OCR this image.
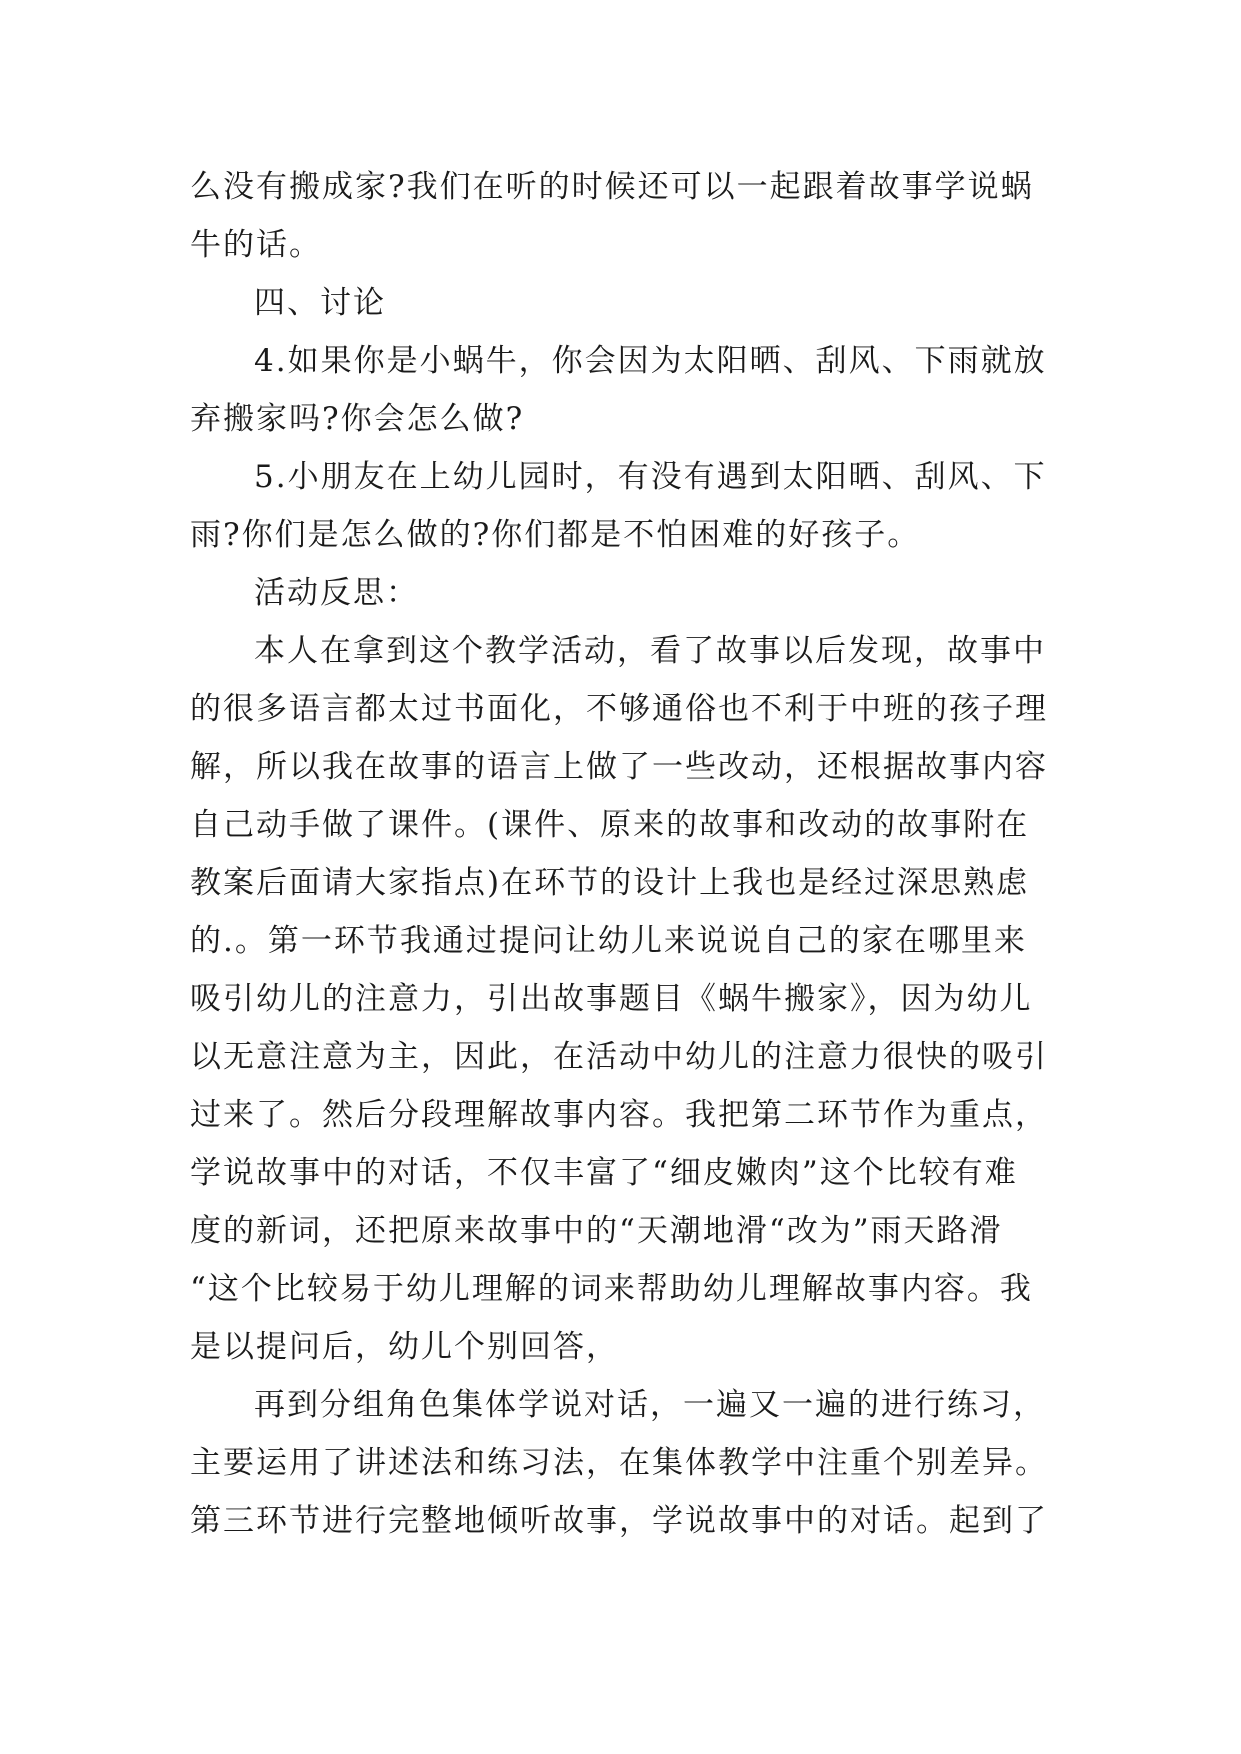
么没有搬成家?我们在听的时候还可以一起跟着故事学说蜗
牛的话。
四、讨论
4.如果你是小蜗牛，你会因为太阳晒、刮风、下雨就放
弃搬家吗?你会怎么做?
5.小朋友在上幼儿园时，有没有遇到太阳晒、刮风、下
雨?你们是怎么做的?你们都是不怕困难的好孩子。
活动反思：
本人在拿到这个教学活动，看了故事以后发现，故事中
的很多语言都太过书面化，不够通俗也不利于中班的孩子理
解，所以我在故事的语言上做了一些改动，还根据故事内容
自己动手做了课件。(课件、原来的故事和改动的故事附在
教案后面请大家指点)在环节的设计上我也是经过深思熟虑
的.。第一环节我通过提问让幼儿来说说自己的家在哪里来
吸引幼儿的注意力，引出故事题目《蜗牛搬家》，因为幼儿
以无意注意为主，因此，在活动中幼儿的注意力很快的吸引
过来了。然后分段理解故事内容。我把第二环节作为重点，
学说故事中的对话，不仅丰富了“细皮嫩肉”这个比较有难
度的新词，还把原来故事中的“天潮地滑“改为”雨天路滑
“这个比较易于幼儿理解的词来帮助幼儿理解故事内容。我
是以提问后，幼儿个别回答，
再到分组角色集体学说对话，一遍又一遍的进行练习，
主要运用了讲述法和练习法，在集体教学中注重个别差异。
第三环节进行完整地倾听故事，学说故事中的对话。起到了
